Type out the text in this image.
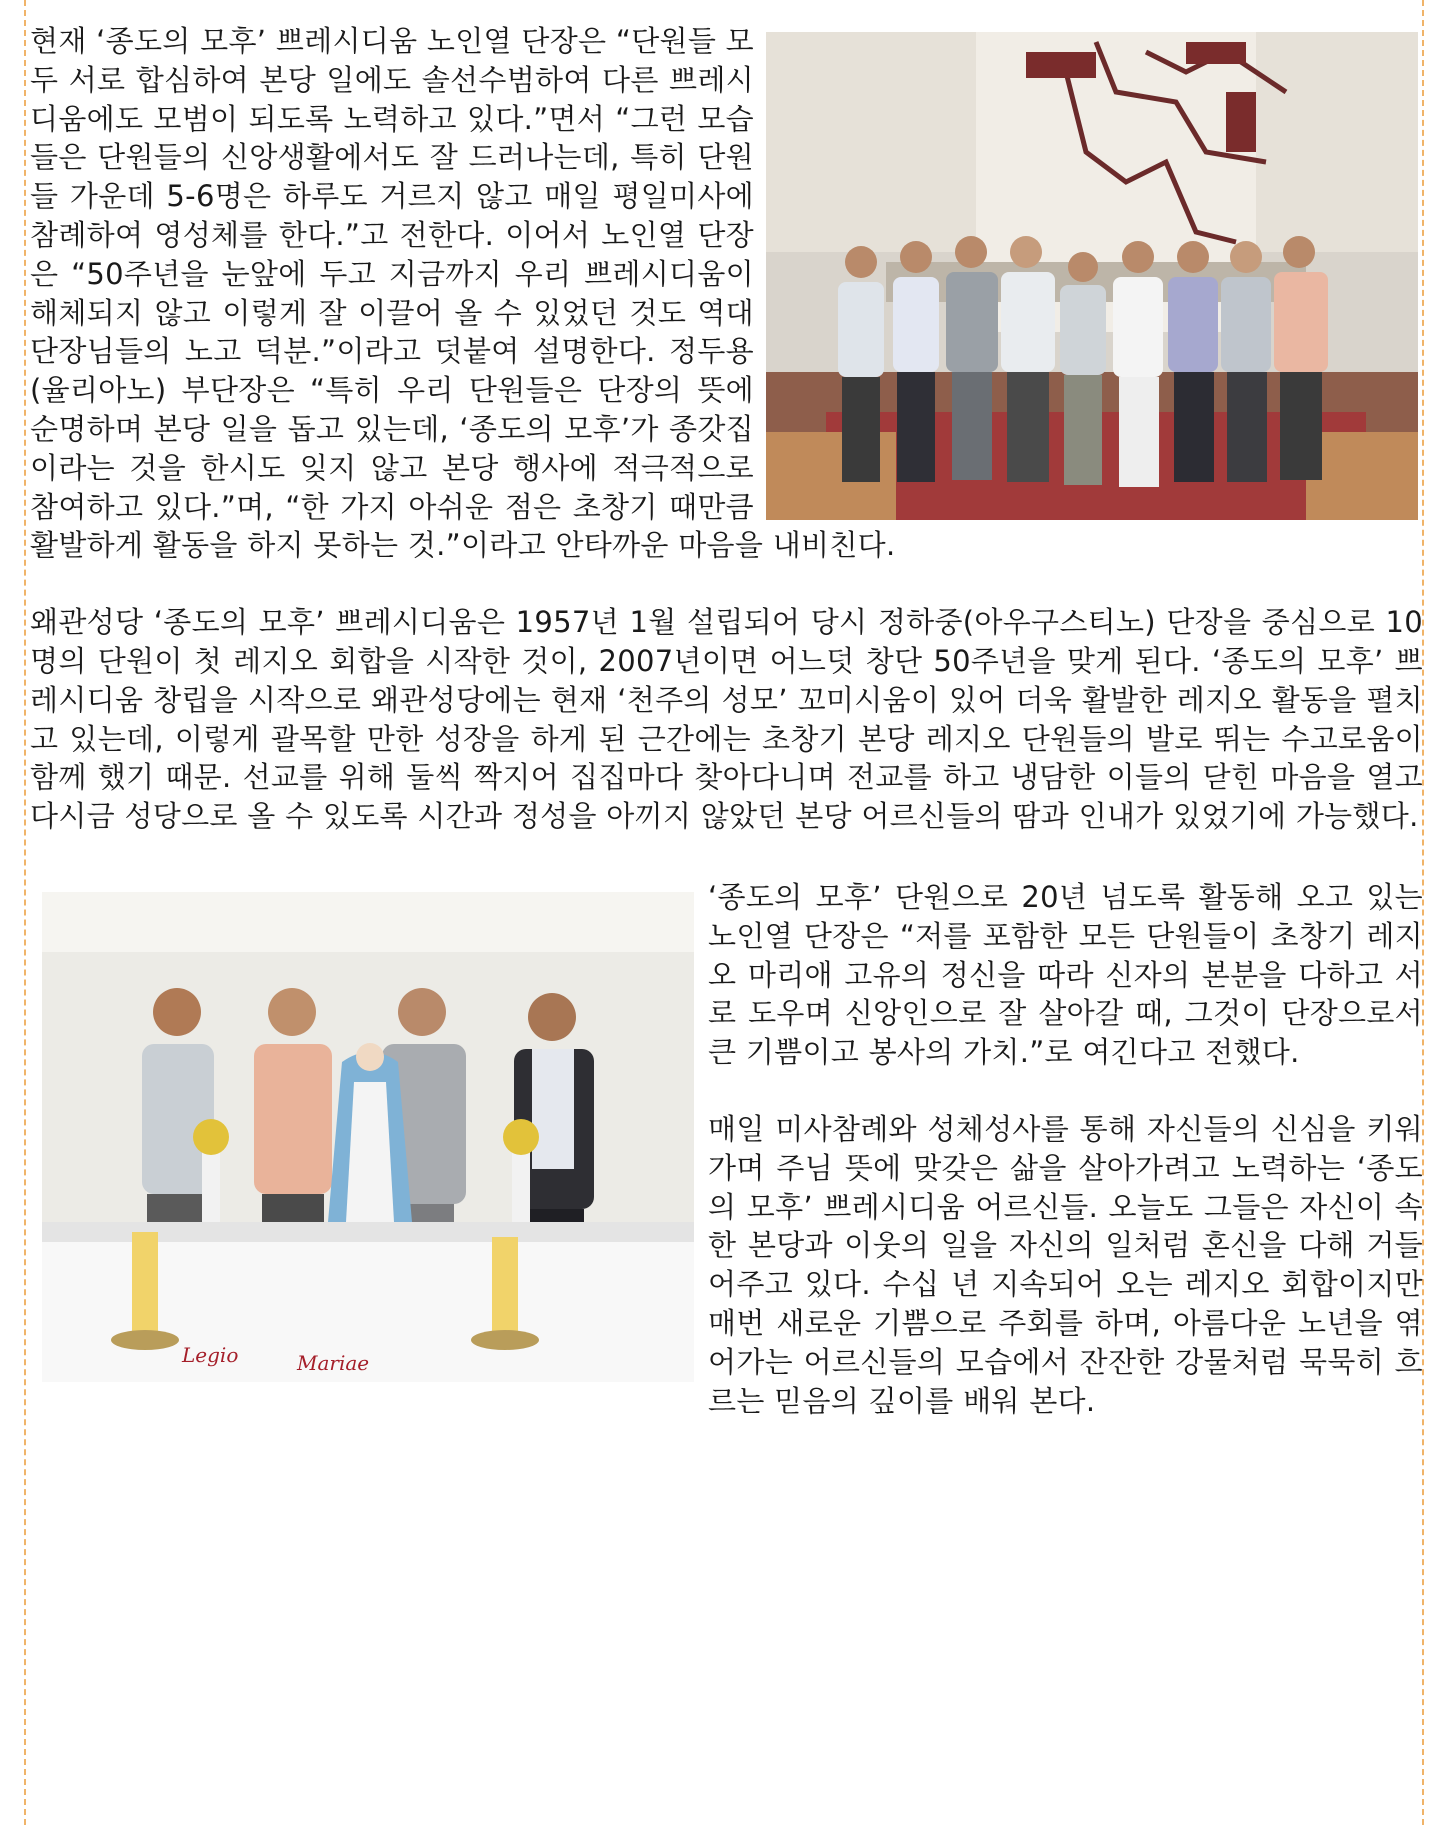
현재 ‘종도의 모후’ 쁘레시디움 노인열 단장은 “단원들 모두 서로 합심하여 본당 일에도 솔선수범하여 다른 쁘레시디움에도 모범이 되도록 노력하고 있다.”면서 “그런 모습들은 단원들의 신앙생활에서도 잘 드러나는데, 특히 단원들 가운데 5-6명은 하루도 거르지 않고 매일 평일미사에 참례하여 영성체를 한다.”고 전한다. 이어서 노인열 단장은 “50주년을 눈앞에 두고 지금까지 우리 쁘레시디움이 해체되지 않고 이렇게 잘 이끌어 올 수 있었던 것도 역대 단장님들의 노고 덕분.”이라고 덧붙여 설명한다. 정두용(율리아노) 부단장은 “특히 우리 단원들은 단장의 뜻에 순명하며 본당 일을 돕고 있는데, ‘종도의 모후’가 종갓집이라는 것을 한시도 잊지 않고 본당 행사에 적극적으로 참여하고 있다.”며, “한 가지 아쉬운 점은 초창기 때만큼 활발하게 활동을 하지 못하는 것.”이라고 안타까운 마음을 내비친다.

왜관성당 ‘종도의 모후’ 쁘레시디움은 1957년 1월 설립되어 당시 정하중(아우구스티노) 단장을 중심으로 10명의 단원이 첫 레지오 회합을 시작한 것이, 2007년이면 어느덧 창단 50주년을 맞게 된다. ‘종도의 모후’ 쁘레시디움 창립을 시작으로 왜관성당에는 현재 ‘천주의 성모’ 꼬미시움이 있어 더욱 활발한 레지오 활동을 펼치고 있는데, 이렇게 괄목할 만한 성장을 하게 된 근간에는 초창기 본당 레지오 단원들의 발로 뛰는 수고로움이 함께 했기 때문. 선교를 위해 둘씩 짝지어 집집마다 찾아다니며 전교를 하고 냉담한 이들의 닫힌 마음을 열고 다시금 성당으로 올 수 있도록 시간과 정성을 아끼지 않았던 본당 어르신들의 땀과 인내가 있었기에 가능했다.

Legio	Mariae

‘종도의 모후’ 단원으로 20년 넘도록 활동해 오고 있는 노인열 단장은 “저를 포함한 모든 단원들이 초창기 레지오 마리애 고유의 정신을 따라 신자의 본분을 다하고 서로 도우며 신앙인으로 잘 살아갈 때, 그것이 단장으로서 큰 기쁨이고 봉사의 가치.”로 여긴다고 전했다.

매일 미사참례와 성체성사를 통해 자신들의 신심을 키워가며 주님 뜻에 맞갖은 삶을 살아가려고 노력하는 ‘종도의 모후’ 쁘레시디움 어르신들. 오늘도 그들은 자신이 속한 본당과 이웃의 일을 자신의 일처럼 혼신을 다해 거들어주고 있다. 수십 년 지속되어 오는 레지오 회합이지만 매번 새로운 기쁨으로 주회를 하며, 아름다운 노년을 엮어가는 어르신들의 모습에서 잔잔한 강물처럼 묵묵히 흐르는 믿음의 깊이를 배워 본다.
